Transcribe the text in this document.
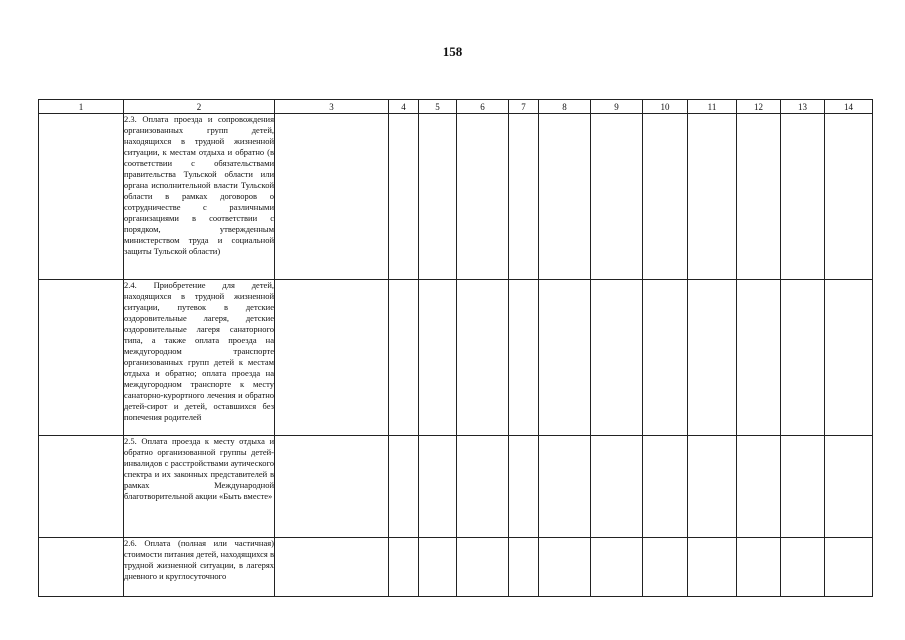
158
1	2	3	4	5	6	7	8	9	10	11	12	13	14
	2.3. Оплата проезда и сопровождения организованных групп детей, находящихся в трудной жизненной ситуации, к местам отдыха и обратно (в соответствии с обязательствами правительства Тульской области или органа исполнительной власти Тульской области в рамках договоров о сотрудничестве с различными организациями в соответствии с порядком, утвержденным министерством труда и социальной защиты Тульской области)												
	2.4. Приобретение для детей, находящихся в трудной жизненной ситуации, путевок в детские оздоровительные лагеря, детские оздоровительные лагеря санаторного типа, а также оплата проезда на междугородном транспорте организованных групп детей к местам отдыха и обратно; оплата проезда на междугородном транспорте к месту санаторно-курортного лечения и обратно детей-сирот и детей, оставшихся без попечения родителей												
	2.5. Оплата проезда к месту отдыха и обратно организованной группы детей- инвалидов с расстройствами аутического спектра и их законных представителей в рамках Международной благотворительной акции «Быть вместе»												
	2.6. Оплата (полная или частичная) стоимости питания детей, находящихся в трудной жизненной ситуации, в лагерях дневного и круглосуточного												
